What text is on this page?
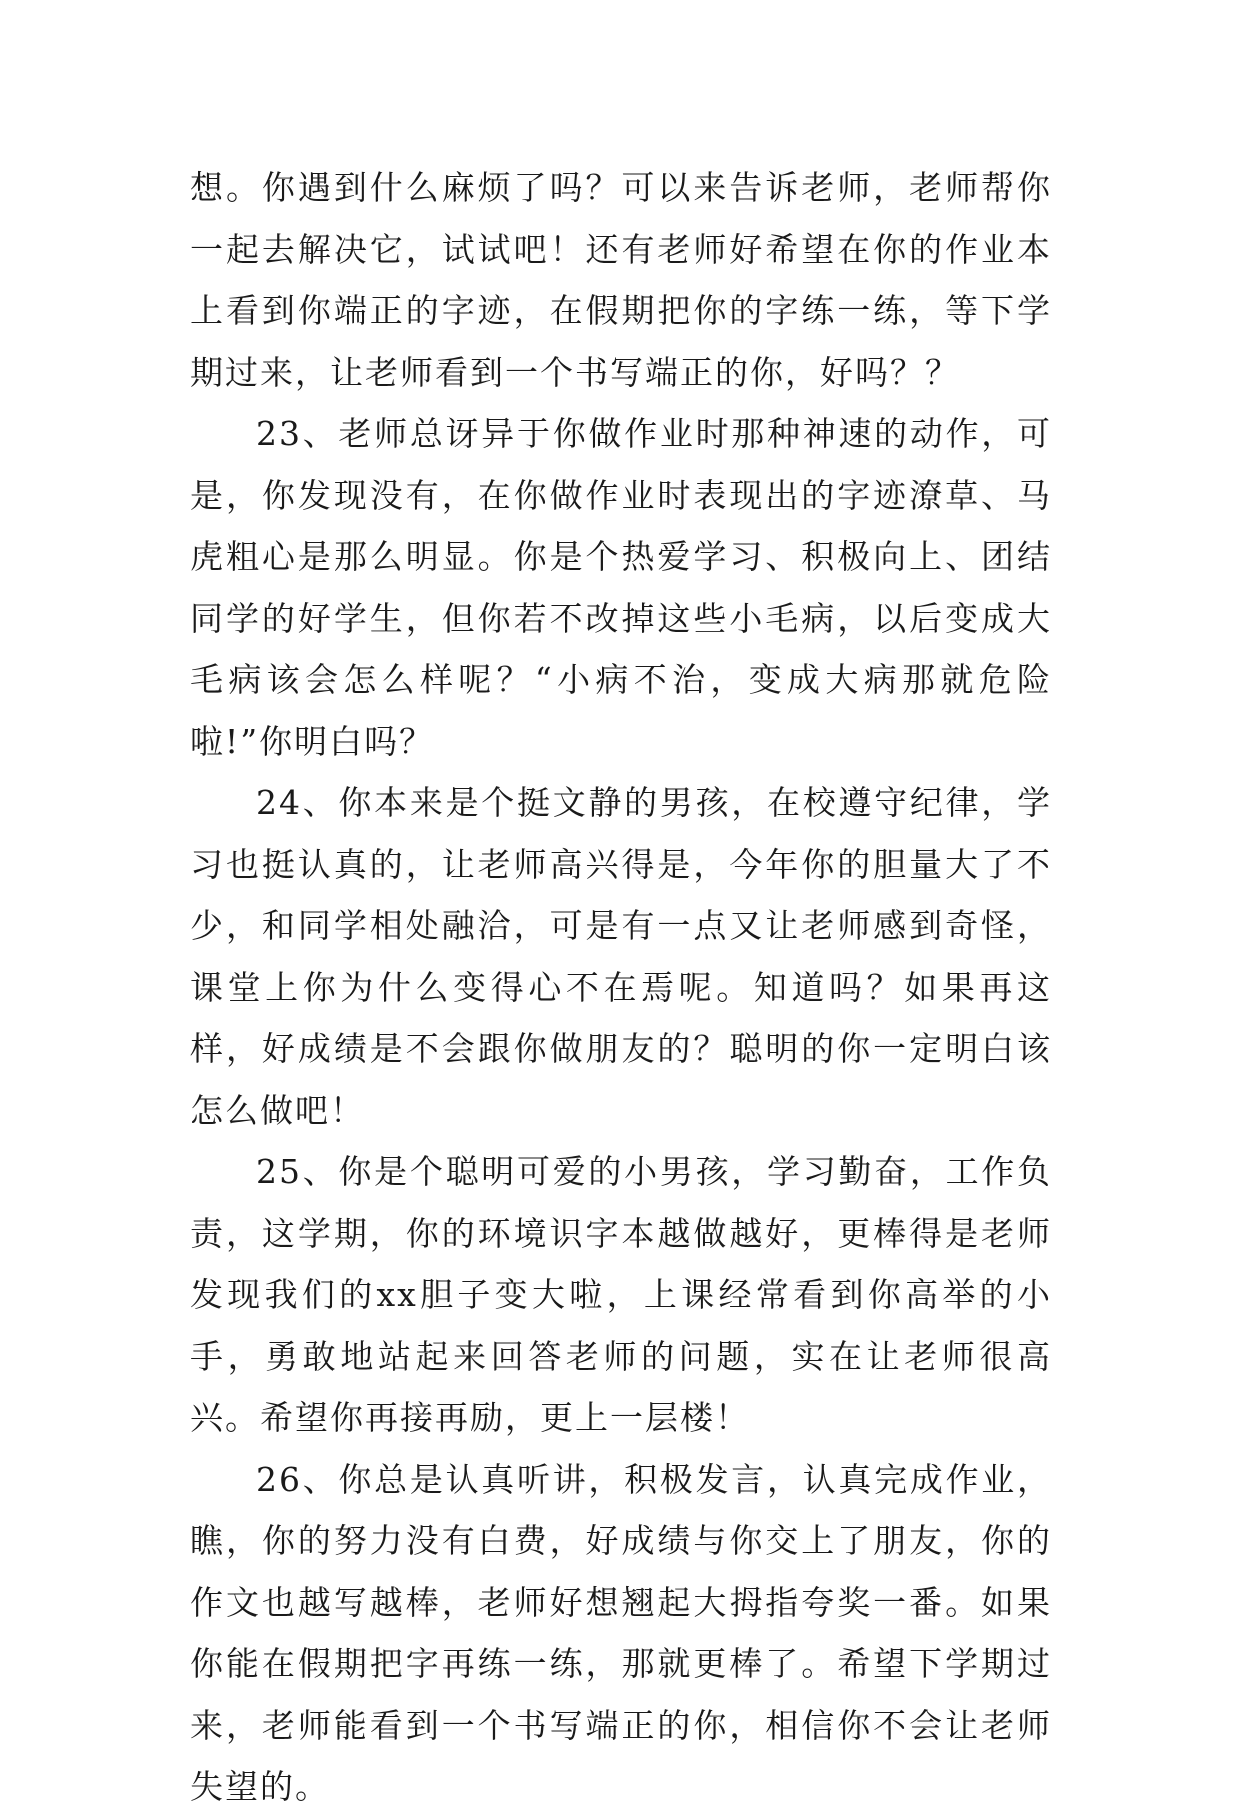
想。你遇到什么麻烦了吗？可以来告诉老师，老师帮你一起去解决它，试试吧！还有老师好希望在你的作业本上看到你端正的字迹，在假期把你的字练一练，等下学期过来，让老师看到一个书写端正的你，好吗？？

23、老师总讶异于你做作业时那种神速的动作，可是，你发现没有，在你做作业时表现出的字迹潦草、马虎粗心是那么明显。你是个热爱学习、积极向上、团结同学的好学生，但你若不改掉这些小毛病，以后变成大毛病该会怎么样呢？“小病不治，变成大病那就危险啦!”你明白吗？

24、你本来是个挺文静的男孩，在校遵守纪律，学习也挺认真的，让老师高兴得是，今年你的胆量大了不少，和同学相处融洽，可是有一点又让老师感到奇怪，课堂上你为什么变得心不在焉呢。知道吗？如果再这样，好成绩是不会跟你做朋友的？聪明的你一定明白该怎么做吧！

25、你是个聪明可爱的小男孩，学习勤奋，工作负责，这学期，你的环境识字本越做越好，更棒得是老师发现我们的xx胆子变大啦，上课经常看到你高举的小手，勇敢地站起来回答老师的问题，实在让老师很高兴。希望你再接再励，更上一层楼！

26、你总是认真听讲，积极发言，认真完成作业，瞧，你的努力没有白费，好成绩与你交上了朋友，你的作文也越写越棒，老师好想翘起大拇指夸奖一番。如果你能在假期把字再练一练，那就更棒了。希望下学期过来，老师能看到一个书写端正的你，相信你不会让老师失望的。
